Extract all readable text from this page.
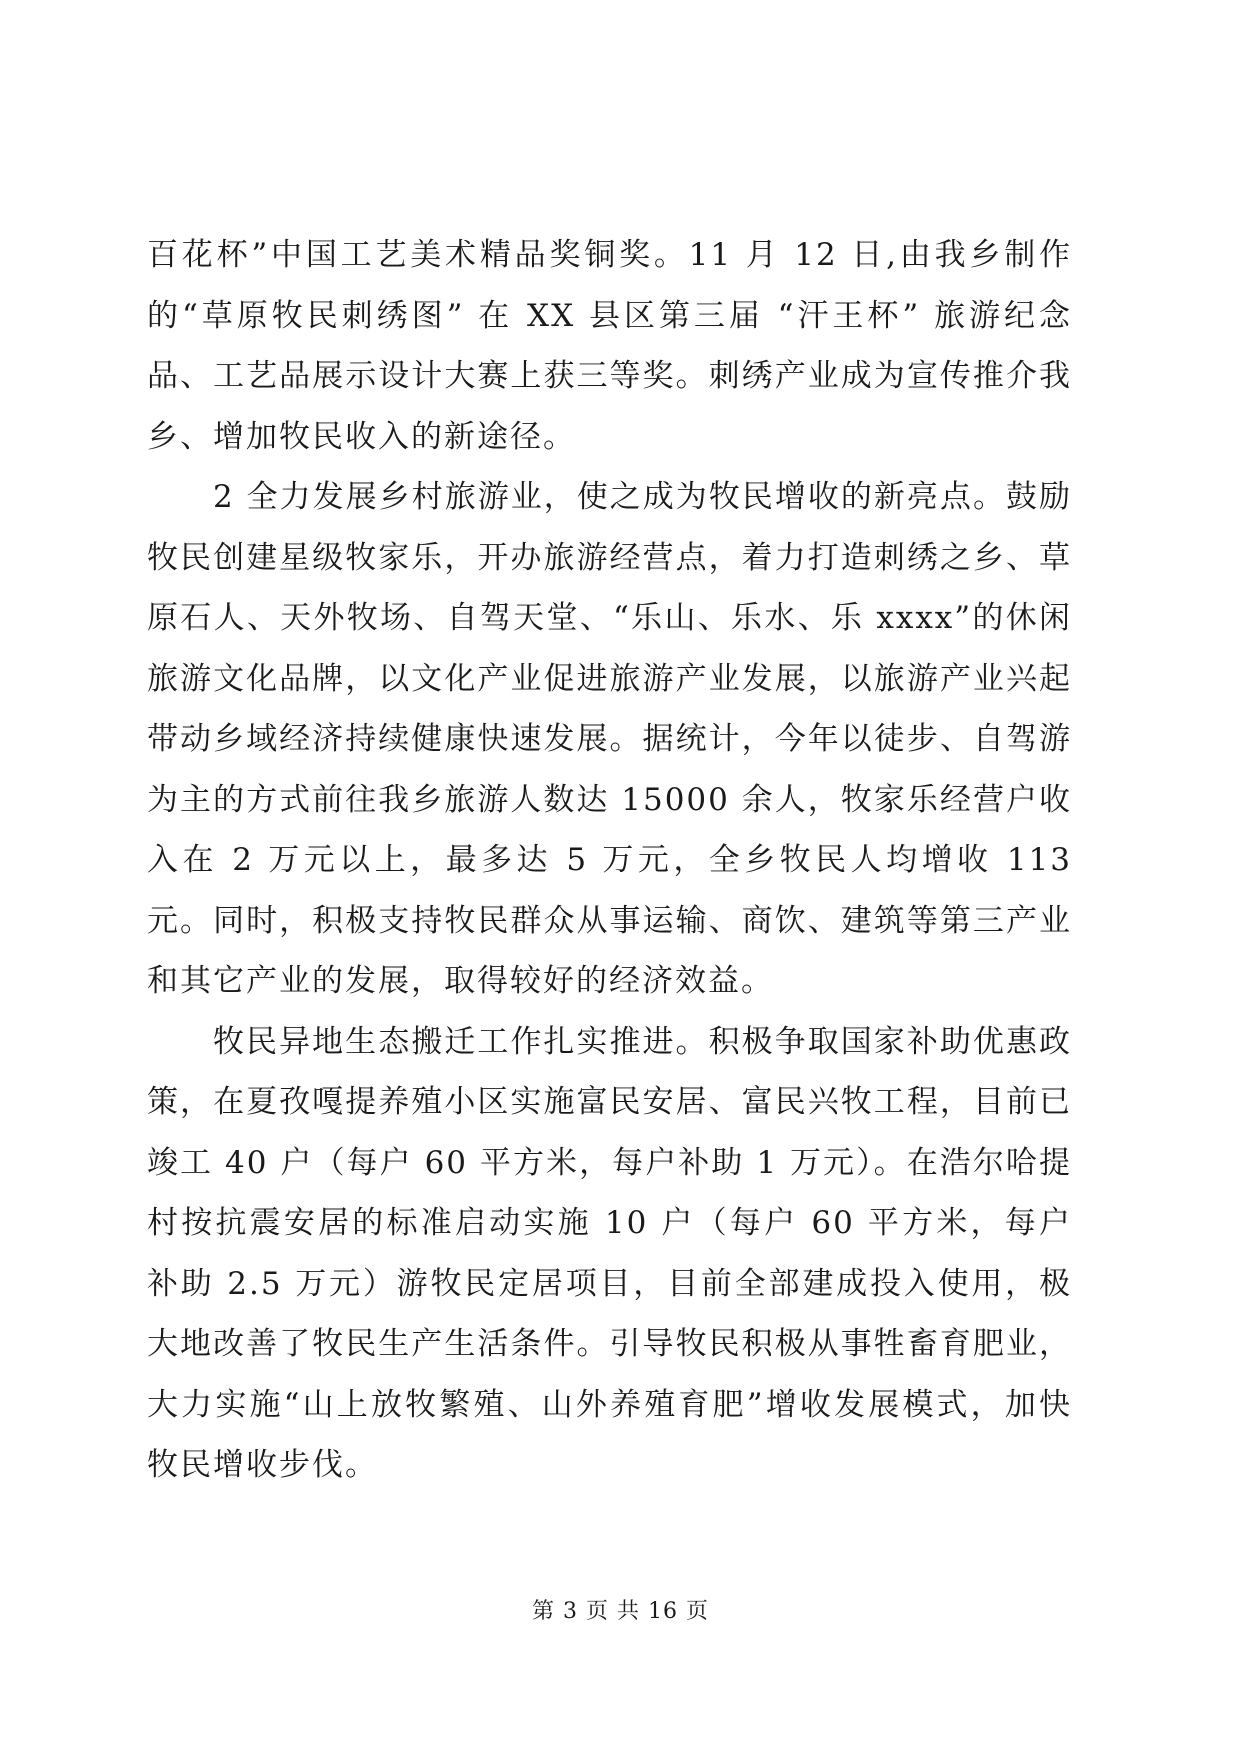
百花杯”中国工艺美术精品奖铜奖。11 月 12 日,由我乡制作的“草原牧民刺绣图” 在 XX 县区第三届 “汗王杯” 旅游纪念品、工艺品展示设计大赛上获三等奖。刺绣产业成为宣传推介我乡、增加牧民收入的新途径。

2 全力发展乡村旅游业，使之成为牧民增收的新亮点。鼓励牧民创建星级牧家乐，开办旅游经营点，着力打造刺绣之乡、草原石人、天外牧场、自驾天堂、“乐山、乐水、乐 xxxx”的休闲旅游文化品牌，以文化产业促进旅游产业发展，以旅游产业兴起带动乡域经济持续健康快速发展。据统计，今年以徒步、自驾游为主的方式前往我乡旅游人数达 15000 余人，牧家乐经营户收入在 2 万元以上，最多达 5 万元，全乡牧民人均增收 113 元。同时，积极支持牧民群众从事运输、商饮、建筑等第三产业和其它产业的发展，取得较好的经济效益。

牧民异地生态搬迁工作扎实推进。积极争取国家补助优惠政策，在夏孜嘎提养殖小区实施富民安居、富民兴牧工程，目前已竣工 40 户（每户 60 平方米，每户补助 1 万元）。在浩尔哈提村按抗震安居的标准启动实施 10 户（每户 60 平方米，每户补助 2.5 万元）游牧民定居项目，目前全部建成投入使用，极大地改善了牧民生产生活条件。引导牧民积极从事牲畜育肥业，大力实施“山上放牧繁殖、山外养殖育肥”增收发展模式，加快牧民增收步伐。

第 3 页 共 16 页
